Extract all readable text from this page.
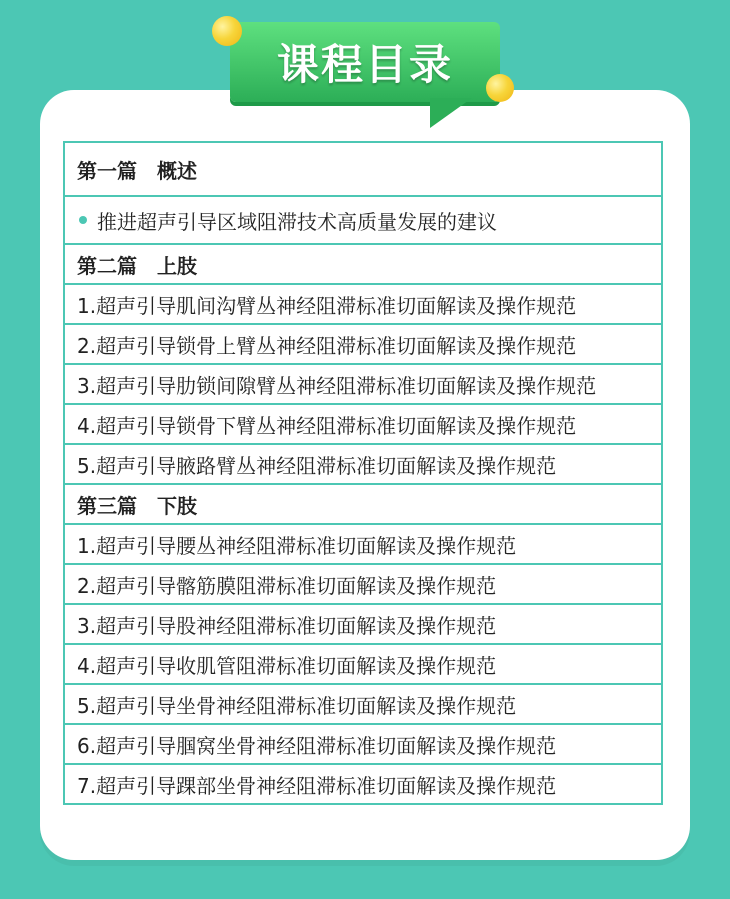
课程目录
第一篇　概述
推进超声引导区域阻滞技术高质量发展的建议
第二篇　上肢
1.超声引导肌间沟臂丛神经阻滞标准切面解读及操作规范
2.超声引导锁骨上臂丛神经阻滞标准切面解读及操作规范
3.超声引导肋锁间隙臂丛神经阻滞标准切面解读及操作规范
4.超声引导锁骨下臂丛神经阻滞标准切面解读及操作规范
5.超声引导腋路臂丛神经阻滞标准切面解读及操作规范
第三篇　下肢
1.超声引导腰丛神经阻滞标准切面解读及操作规范
2.超声引导髂筋膜阻滞标准切面解读及操作规范
3.超声引导股神经阻滞标准切面解读及操作规范
4.超声引导收肌管阻滞标准切面解读及操作规范
5.超声引导坐骨神经阻滞标准切面解读及操作规范
6.超声引导腘窝坐骨神经阻滞标准切面解读及操作规范
7.超声引导踝部坐骨神经阻滞标准切面解读及操作规范
